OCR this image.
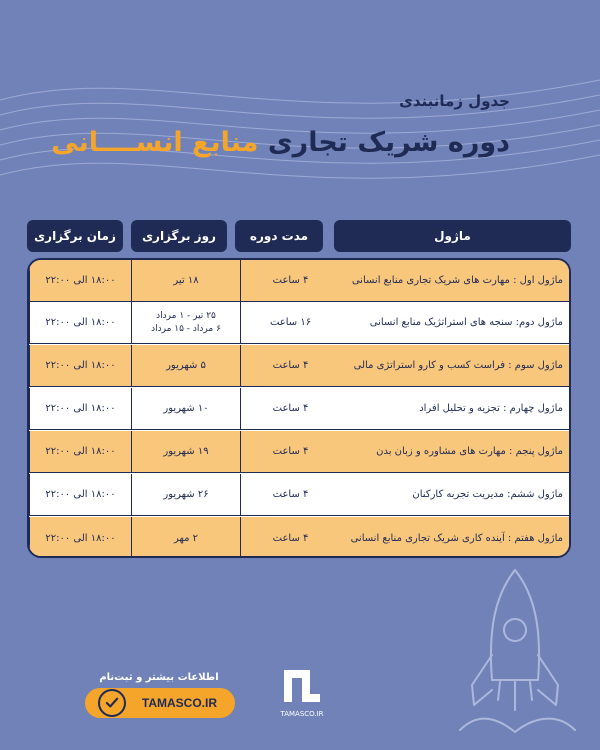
جدول زمانبندی
دوره شریک تجاری منابع انســــانی
ماژول
مدت دوره
روز برگزاری
زمان برگزاری
ماژول اول : مهارت های شریک تجاری منابع انسانی
۴ ساعت
۱۸ تیر
۱۸:۰۰ الی ۲۲:۰۰
ماژول دوم: سنجه های استراتژیک منابع انسانی
۱۶ ساعت
۲۵ تیر - ۱ مرداد
۶ مرداد - ۱۵ مرداد
۱۸:۰۰ الی ۲۲:۰۰
ماژول سوم : فراست کسب و کارو استراتژی مالی
۴ ساعت
۵ شهریور
۱۸:۰۰ الی ۲۲:۰۰
ماژول چهارم : تجزیه و تحلیل افراد
۴ ساعت
۱۰ شهریور
۱۸:۰۰ الی ۲۲:۰۰
ماژول پنجم : مهارت های مشاوره و زبان بدن
۴ ساعت
۱۹ شهریور
۱۸:۰۰ الی ۲۲:۰۰
ماژول ششم: مدیریت تجربه کارکنان
۴ ساعت
۲۶ شهریور
۱۸:۰۰ الی ۲۲:۰۰
ماژول هفتم : آینده کاری شریک تجاری منابع انسانی
۴ ساعت
۲ مهر
۱۸:۰۰ الی ۲۲:۰۰
TAMASCO.IR
اطلاعات بیشتر و ثبت‌نام
TAMASCO.IR
